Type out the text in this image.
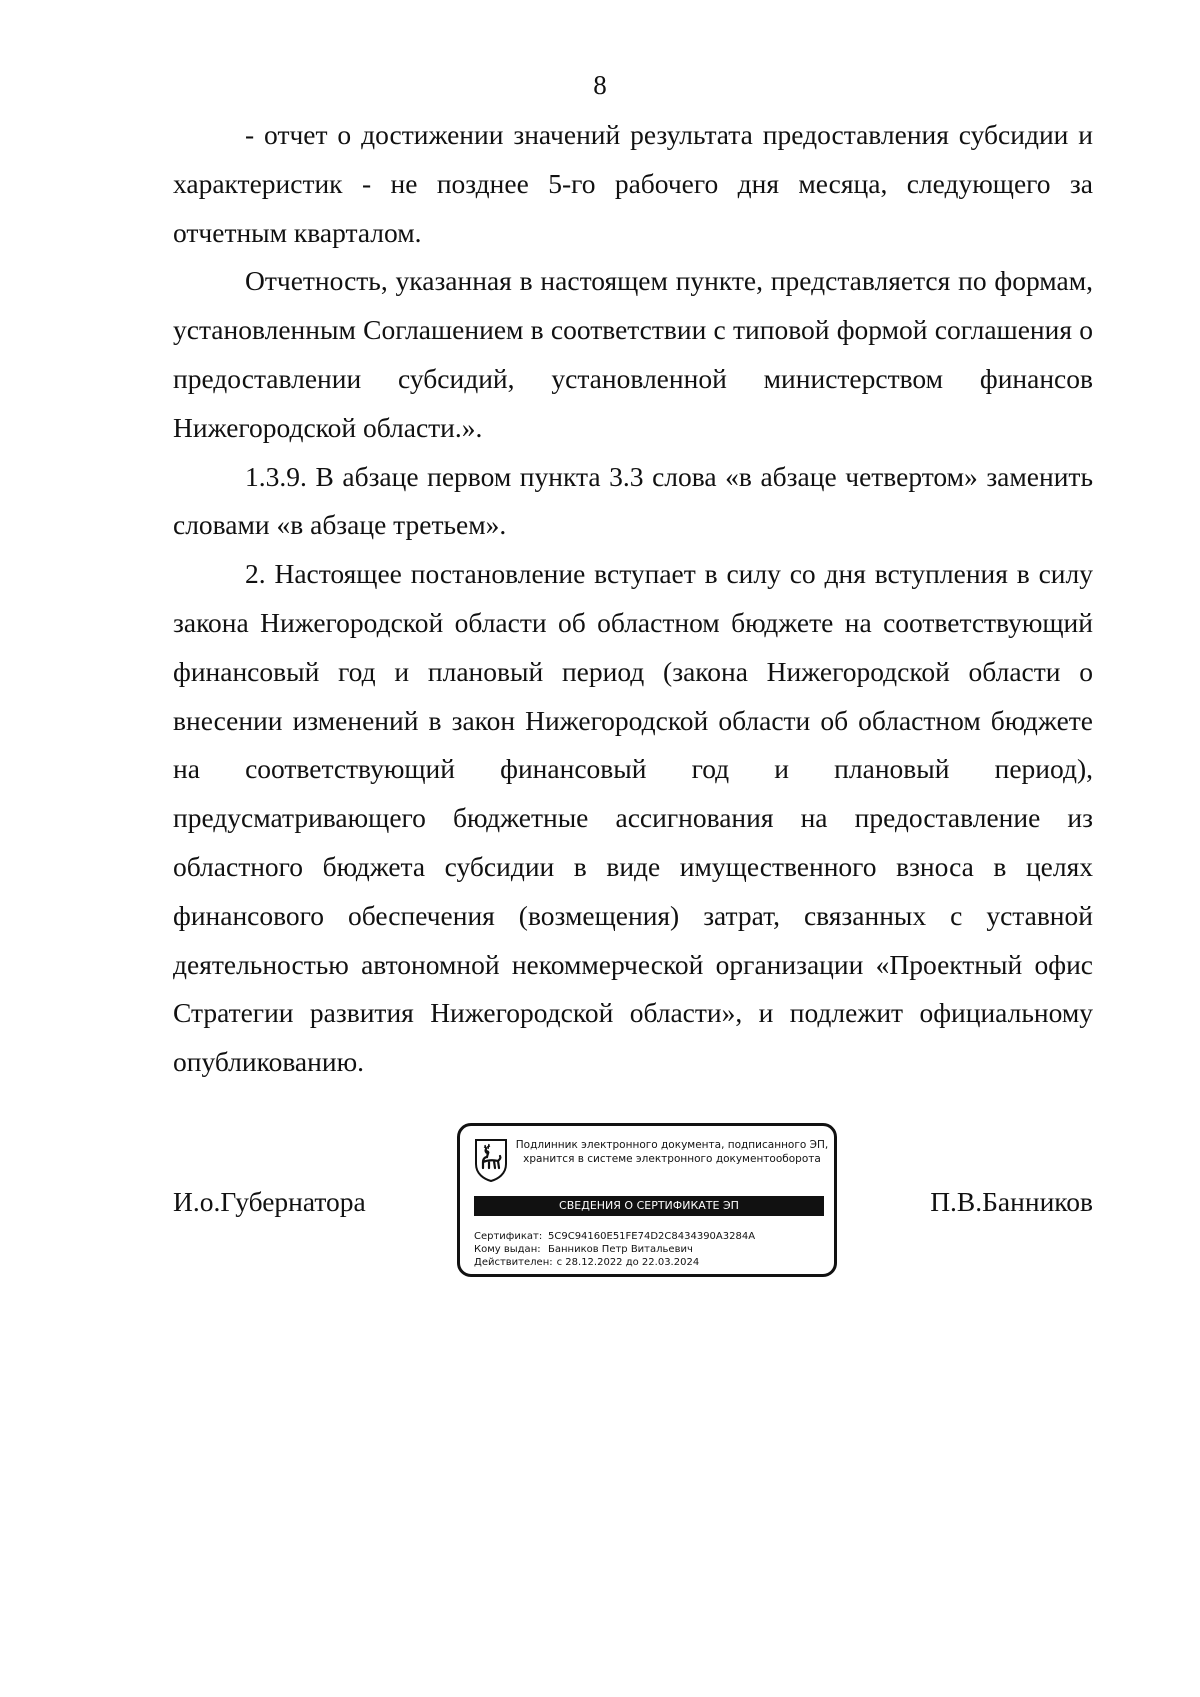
8

- отчет о достижении значений результата предоставления субсидии и характеристик - не позднее 5-го рабочего дня месяца, следующего за отчетным кварталом.

Отчетность, указанная в настоящем пункте, представляется по формам, установленным Соглашением в соответствии с типовой формой соглашения о предоставлении субсидий, установленной министерством финансов Нижегородской области.».

1.3.9. В абзаце первом пункта 3.3 слова «в абзаце четвертом» заменить словами «в абзаце третьем».

2. Настоящее постановление вступает в силу со дня вступления в силу закона Нижегородской области об областном бюджете на соответствующий финансовый год и плановый период (закона Нижегородской области о внесении изменений в закон Нижегородской области об областном бюджете на соответствующий финансовый год и плановый период), предусматривающего бюджетные ассигнования на предоставление из областного бюджета субсидии в виде имущественного взноса в целях финансового обеспечения (возмещения) затрат, связанных с уставной деятельностью автономной некоммерческой организации «Проектный офис Стратегии развития Нижегородской области», и подлежит официальному опубликованию.

И.о.Губернатора
Подлинник электронного документа, подписанного ЭП,
хранится в системе электронного документооборота
СВЕДЕНИЯ О СЕРТИФИКАТЕ ЭП
Сертификат: 5C9C94160E51FE74D2C8434390A3284A
Кому выдан: Банников Петр Витальевич
Действителен: с 28.12.2022 до 22.03.2024
П.В.Банников
